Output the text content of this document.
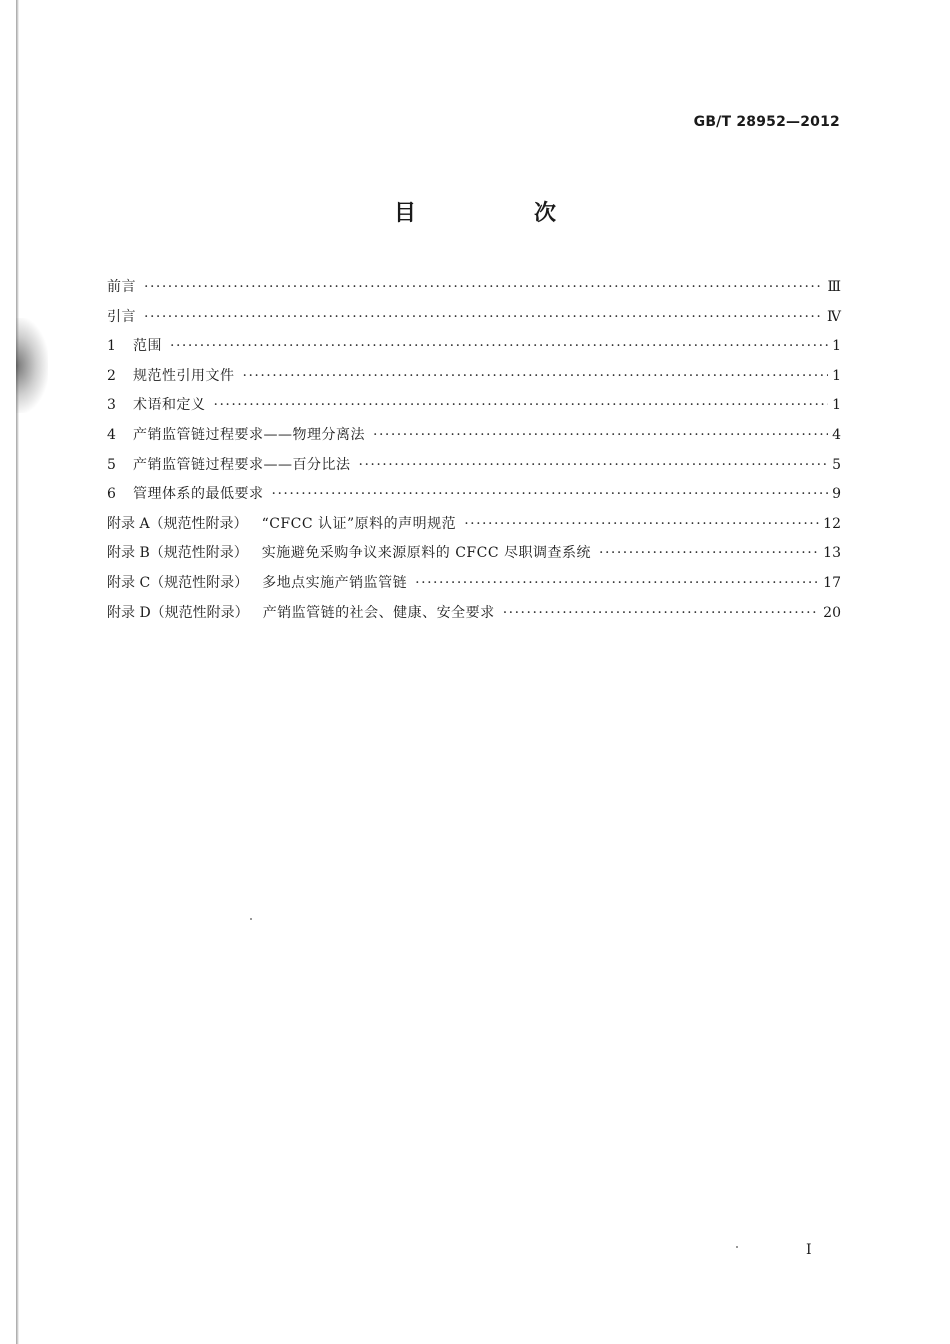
GB/T 28952—2012
目　次
前言 ·····	Ⅲ
引言 ·····	Ⅳ
1	范围 ·····	1
2	规范性引用文件 ·····	1
3	术语和定义 ·····	1
4	产销监管链过程要求——物理分离法 ·····	4
5	产销监管链过程要求——百分比法 ·····	5
6	管理体系的最低要求 ·····	9
附录 A（规范性附录） “CFCC 认证”原料的声明规范 ·····	12
附录 B（规范性附录） 实施避免采购争议来源原料的 CFCC 尽职调查系统 ·····	13
附录 C（规范性附录） 多地点实施产销监管链 ·····	17
附录 D（规范性附录） 产销监管链的社会、健康、安全要求 ·····	20
Ⅰ
